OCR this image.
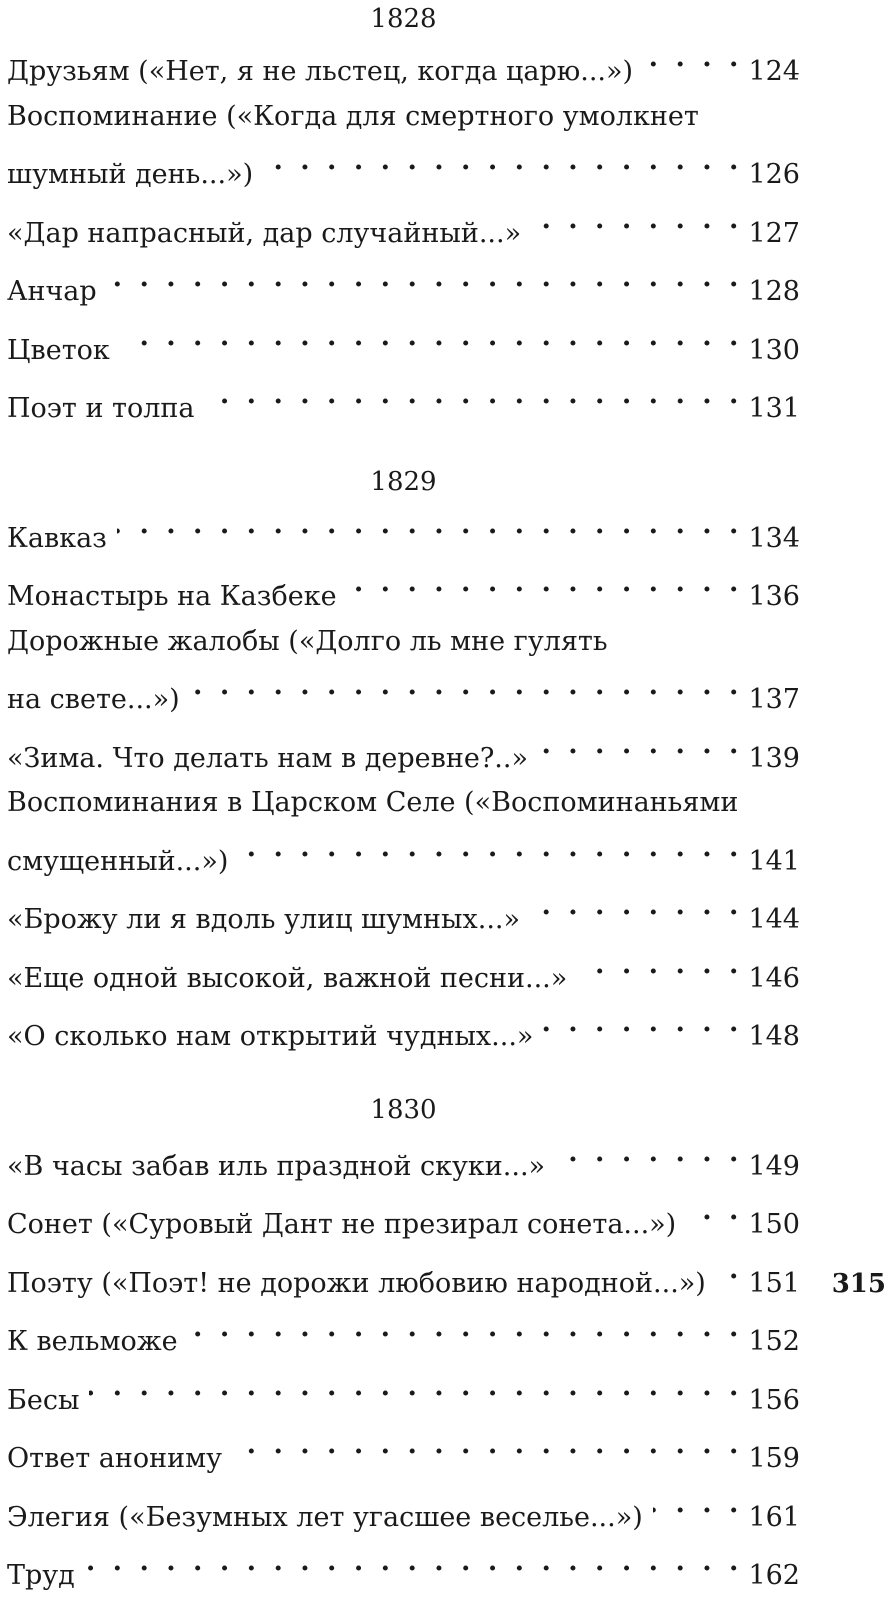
1828
Друзьям («Нет, я не льстец, когда царю...») . . .	124
Воспоминание («Когда для смертного умолкнет
шумный день...») . . .	126
«Дар напрасный, дар случайный...» . . .	127
Анчар . . .	128
Цветок . . .	130
Поэт и толпа . . .	131
1829
Кавказ . . .	134
Монастырь на Казбеке . . .	136
Дорожные жалобы («Долго ль мне гулять
на свете...») . . .	137
«Зима. Что делать нам в деревне?..» . . .	139
Воспоминания в Царском Селе («Воспоминаньями
смущенный...») . . .	141
«Брожу ли я вдоль улиц шумных...» . . .	144
«Еще одной высокой, важной песни...» . . .	146
«О сколько нам открытий чудных...» . . .	148
1830
«В часы забав иль праздной скуки...» . . .	149
Сонет («Суровый Дант не презирал сонета...») . . .	150
Поэту («Поэт! не дорожи любовию народной...») . . . 151
К вельможе . . .	152
Бесы . . .	156
Ответ анониму . . .	159
Элегия («Безумных лет угасшее веселье...») . . .	161
Труд . . .	162
315
